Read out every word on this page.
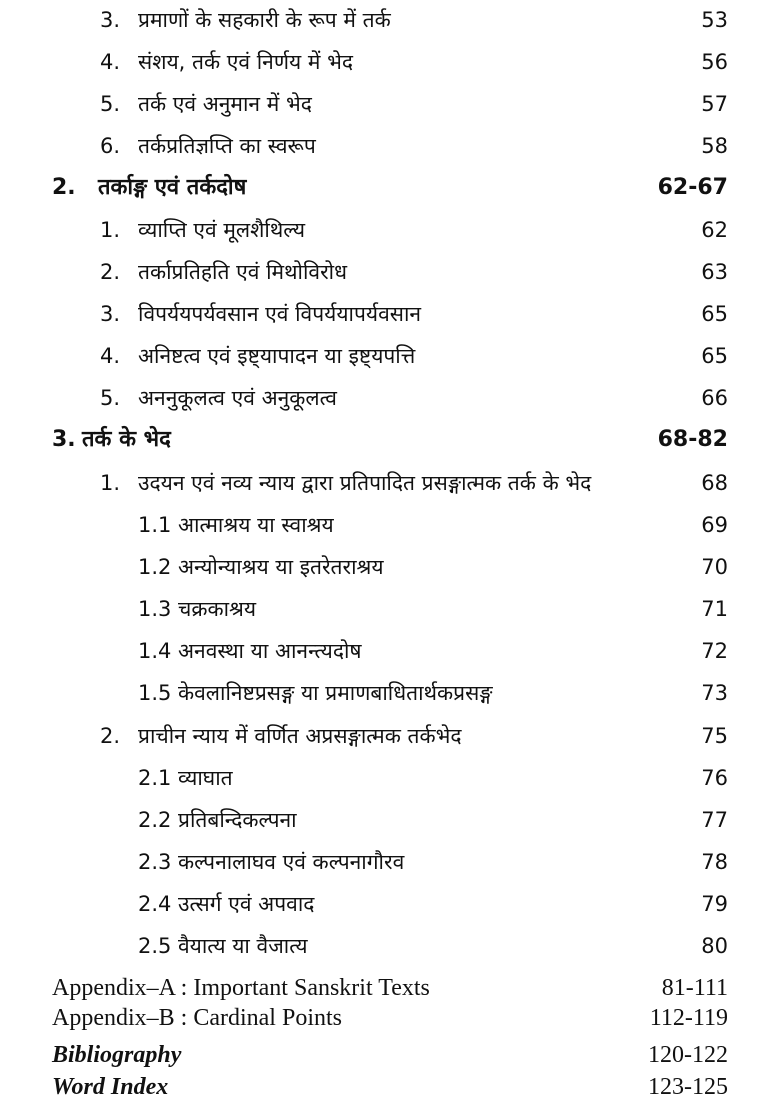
3. प्रमाणों के सहकारी के रूप में तर्क	53
4. संशय, तर्क एवं निर्णय में भेद	56
5. तर्क एवं अनुमान में भेद	57
6. तर्कप्रतिज्ञप्ति का स्वरूप	58
2. तर्काङ्ग एवं तर्कदोष	62-67
1. व्याप्ति एवं मूलशैथिल्य	62
2. तर्काप्रतिहति एवं मिथोविरोध	63
3. विपर्ययपर्यवसान एवं विपर्ययापर्यवसान	65
4. अनिष्टत्व एवं इष्ट्यापादन या इष्ट्यपत्ति	65
5. अननुकूलत्व एवं अनुकूलत्व	66
3. तर्क के भेद	68-82
1. उदयन एवं नव्य न्याय द्वारा प्रतिपादित प्रसङ्गात्मक तर्क के भेद	68
1.1 आत्माश्रय या स्वाश्रय	69
1.2 अन्योन्याश्रय या इतरेतराश्रय	70
1.3 चक्रकाश्रय	71
1.4 अनवस्था या आनन्त्यदोष	72
1.5 केवलानिष्टप्रसङ्ग या प्रमाणबाधितार्थकप्रसङ्ग	73
2. प्राचीन न्याय में वर्णित अप्रसङ्गात्मक तर्कभेद	75
2.1 व्याघात	76
2.2 प्रतिबन्दिकल्पना	77
2.3 कल्पनालाघव एवं कल्पनागौरव	78
2.4 उत्सर्ग एवं अपवाद	79
2.5 वैयात्य या वैजात्य	80
Appendix–A : Important Sanskrit Texts	81-111
Appendix–B : Cardinal Points	112-119
Bibliography	120-122
Word Index	123-125
